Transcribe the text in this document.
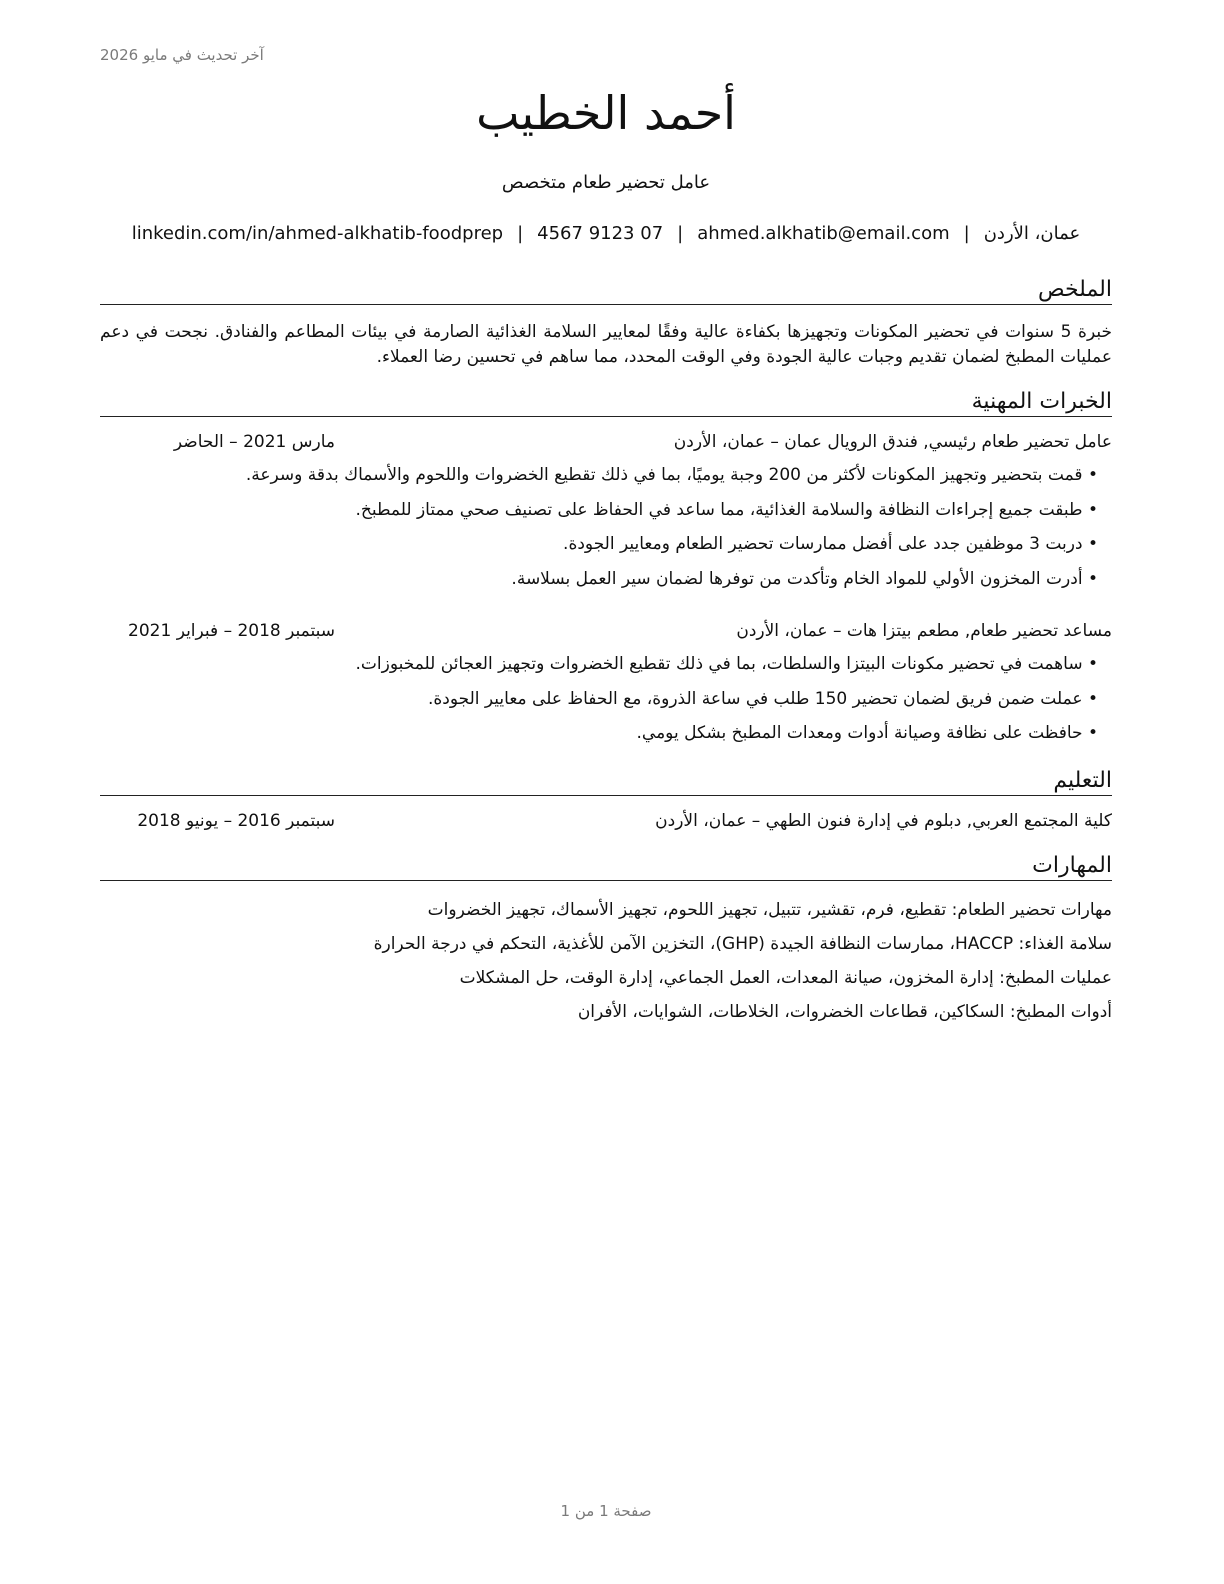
آخر تحديث في مايو 2026
أحمد الخطيب
عامل تحضير طعام متخصص
عمان، الأردن|ahmed.alkhatib@email.com|07 9123 4567|linkedin.com/in/ahmed-alkhatib-foodprep
الملخص
خبرة 5 سنوات في تحضير المكونات وتجهيزها بكفاءة عالية وفقًا لمعايير السلامة الغذائية الصارمة في بيئات المطاعم والفنادق. نجحت في دعم عمليات المطبخ لضمان تقديم وجبات عالية الجودة وفي الوقت المحدد، مما ساهم في تحسين رضا العملاء.
الخبرات المهنية
عامل تحضير طعام رئيسي, فندق الرويال عمان – عمان، الأردن
مارس 2021 – الحاضر
• قمت بتحضير وتجهيز المكونات لأكثر من 200 وجبة يوميًا، بما في ذلك تقطيع الخضروات واللحوم والأسماك بدقة وسرعة.
• طبقت جميع إجراءات النظافة والسلامة الغذائية، مما ساعد في الحفاظ على تصنيف صحي ممتاز للمطبخ.
• دربت 3 موظفين جدد على أفضل ممارسات تحضير الطعام ومعايير الجودة.
• أدرت المخزون الأولي للمواد الخام وتأكدت من توفرها لضمان سير العمل بسلاسة.
مساعد تحضير طعام, مطعم بيتزا هات – عمان، الأردن
سبتمبر 2018 – فبراير 2021
• ساهمت في تحضير مكونات البيتزا والسلطات، بما في ذلك تقطيع الخضروات وتجهيز العجائن للمخبوزات.
• عملت ضمن فريق لضمان تحضير 150 طلب في ساعة الذروة، مع الحفاظ على معايير الجودة.
• حافظت على نظافة وصيانة أدوات ومعدات المطبخ بشكل يومي.
التعليم
كلية المجتمع العربي, دبلوم في إدارة فنون الطهي – عمان، الأردن
سبتمبر 2016 – يونيو 2018
المهارات
مهارات تحضير الطعام: تقطيع، فرم، تقشير، تتبيل، تجهيز اللحوم، تجهيز الأسماك، تجهيز الخضروات
سلامة الغذاء: HACCP، ممارسات النظافة الجيدة (GHP)، التخزين الآمن للأغذية، التحكم في درجة الحرارة
عمليات المطبخ: إدارة المخزون، صيانة المعدات، العمل الجماعي، إدارة الوقت، حل المشكلات
أدوات المطبخ: السكاكين، قطاعات الخضروات، الخلاطات، الشوايات، الأفران
صفحة 1 من 1
